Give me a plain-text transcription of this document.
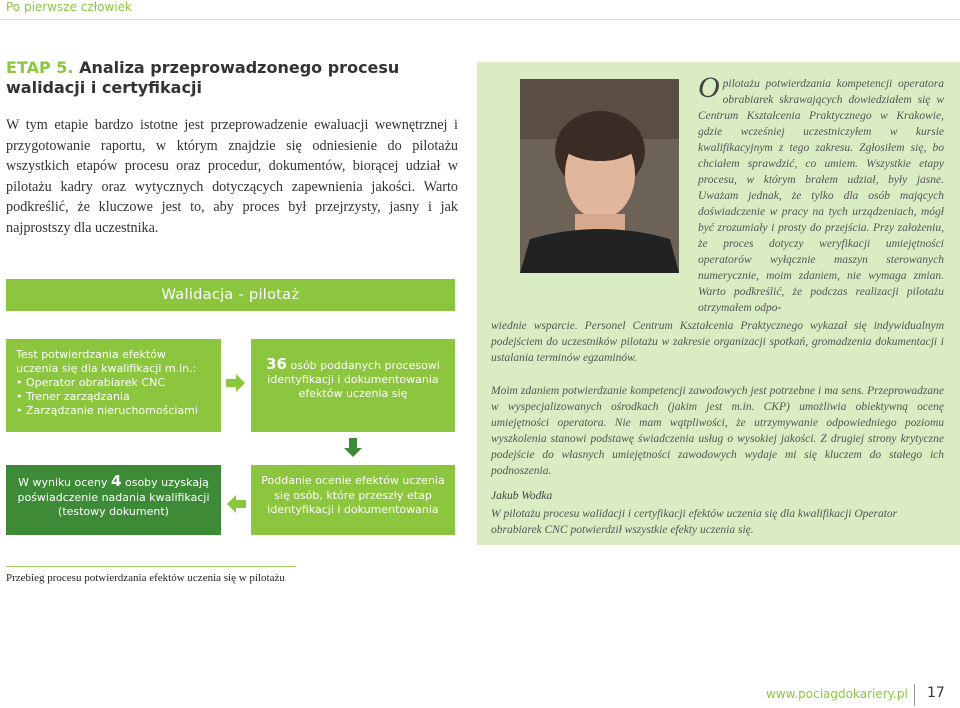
Po pierwsze człowiek
ETAP 5. Analiza przeprowadzonego procesu walidacji i certyfikacji

W tym etapie bardzo istotne jest przeprowadzenie ewaluacji wewnętrznej i przygotowanie raportu, w którym znajdzie się odniesienie do pilotażu wszystkich etapów procesu oraz procedur, dokumentów, biorącej udział w pilotażu kadry oraz wytycznych dotyczących zapewnienia jakości. Warto podkreślić, że kluczowe jest to, aby proces był przejrzysty, jasny i jak najprostszy dla uczestnika.

Walidacja - pilotaż
Test potwierdzania efektów uczenia się dla kwalifikacji m.in.:
• Operator obrabiarek CNC
• Trener zarządzania
• Zarządzanie nieruchomościami
36 osób poddanych procesowi identyfikacji i dokumentowania efektów uczenia się
Poddanie ocenie efektów uczenia się osób, które przeszły etap identyfikacji i dokumentowania
W wyniku oceny 4 osoby uzyskają poświadczenie nadania kwalifikacji (testowy dokument)
O pilotażu potwierdzania kompetencji operatora obrabiarek skrawających dowiedziałem się w Centrum Kształcenia Praktycznego w Krakowie, gdzie wcześniej uczestniczyłem w kursie kwalifikacyjnym z tego zakresu. Zgłosiłem się, bo chciałem sprawdzić, co umiem. Wszystkie etapy procesu, w którym brałem udział, były jasne. Uważam jednak, że tylko dla osób mających doświadczenie w pracy na tych urządzeniach, mógł być zrozumiały i prosty do przejścia. Przy założeniu, że proces dotyczy weryfikacji umiejętności operatorów wyłącznie maszyn sterowanych numerycznie, moim zdaniem, nie wymaga zmian. Warto podkreślić, że podczas realizacji pilotażu otrzymałem odpo-

wiednie wsparcie. Personel Centrum Kształcenia Praktycznego wykazał się indywidualnym podejściem do uczestników pilotażu w zakresie organizacji spotkań, gromadzenia dokumentacji i ustalania terminów egzaminów.

Moim zdaniem potwierdzanie kompetencji zawodowych jest potrzebne i ma sens. Przeprowadzane w wyspecjalizowanych ośrodkach (jakim jest m.in. CKP) umożliwia obiektywną ocenę umiejętności operatora. Nie mam wątpliwości, że utrzymywanie odpowiedniego poziomu wyszkolenia stanowi podstawę świadczenia usług o wysokiej jakości. Z drugiej strony krytyczne podejście do własnych umiejętności zawodowych wydaje mi się kluczem do stałego ich podnoszenia.

Jakub Wodka

W pilotażu procesu walidacji i certyfikacji efektów uczenia się dla kwalifikacji Operator obrabiarek CNC potwierdził wszystkie efekty uczenia się.

Przebieg procesu potwierdzania efektów uczenia się w pilotażu
www.pociagdokariery.pl 17
